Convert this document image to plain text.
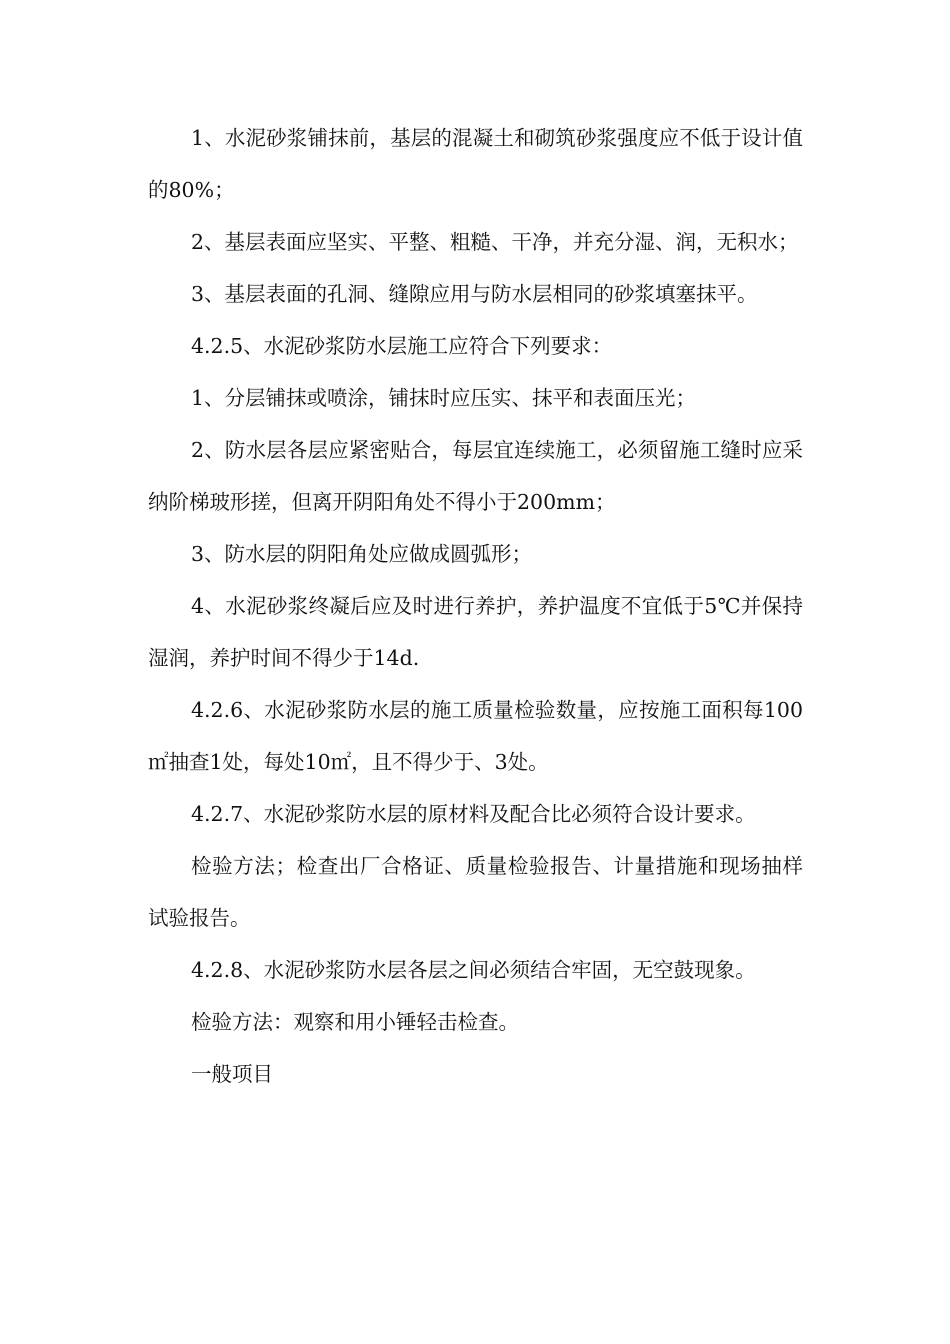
1、水泥砂浆铺抹前，基层的混凝土和砌筑砂浆强度应不低于设计值的80%；

2、基层表面应坚实、平整、粗糙、干净，并充分湿、润，无积水；

3、基层表面的孔洞、缝隙应用与防水层相同的砂浆填塞抹平。

4.2.5、水泥砂浆防水层施工应符合下列要求：

1、分层铺抹或喷涂，铺抹时应压实、抹平和表面压光；

2、防水层各层应紧密贴合，每层宜连续施工，必须留施工缝时应采纳阶梯玻形搓，但离开阴阳角处不得小于200mm；

3、防水层的阴阳角处应做成圆弧形；

4、水泥砂浆终凝后应及时进行养护，养护温度不宜低于5℃并保持湿润，养护时间不得少于14d.

4.2.6、水泥砂浆防水层的施工质量检验数量，应按施工面积每100㎡抽查1处，每处10㎡，且不得少于、3处。

4.2.7、水泥砂浆防水层的原材料及配合比必须符合设计要求。

检验方法；检查出厂合格证、质量检验报告、计量措施和现场抽样试验报告。

4.2.8、水泥砂浆防水层各层之间必须结合牢固，无空鼓现象。

检验方法：观察和用小锤轻击检查。

一般项目
